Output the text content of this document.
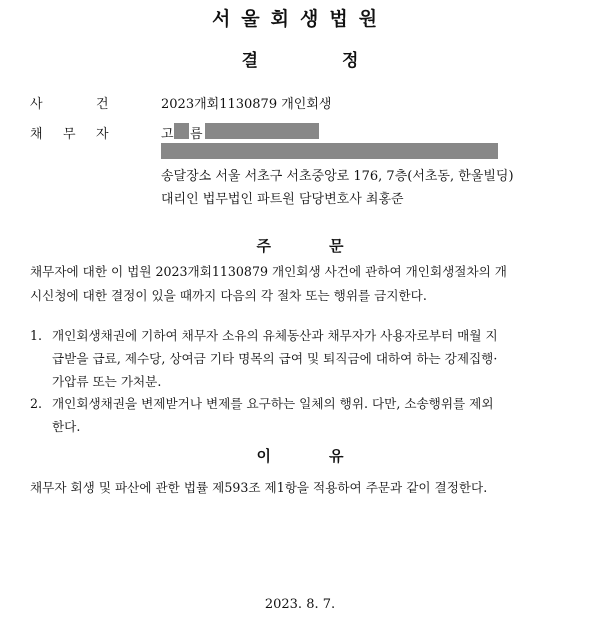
서울회생법원
결	정
사	건	2023개회1130879 개인회생
채 무 자	고 름
송달장소 서울 서초구 서초중앙로 176, 7층(서초동, 한울빌딩)
대리인 법무법인 파트원 담당변호사 최홍준
주	문
채무자에 대한 이 법원 2023개회1130879 개인회생 사건에 관하여 개인회생절차의 개
시신청에 대한 결정이 있을 때까지 다음의 각 절차 또는 행위를 금지한다.
1. 개인회생채권에 기하여 채무자 소유의 유체동산과 채무자가 사용자로부터 매월 지
급받을 급료, 제수당, 상여금 기타 명목의 급여 및 퇴직금에 대하여 하는 강제집행·
가압류 또는 가처분.
2. 개인회생채권을 변제받거나 변제를 요구하는 일체의 행위. 다만, 소송행위를 제외
한다.
이	유
채무자 회생 및 파산에 관한 법률 제593조 제1항을 적용하여 주문과 같이 결정한다.
2023. 8. 7.
